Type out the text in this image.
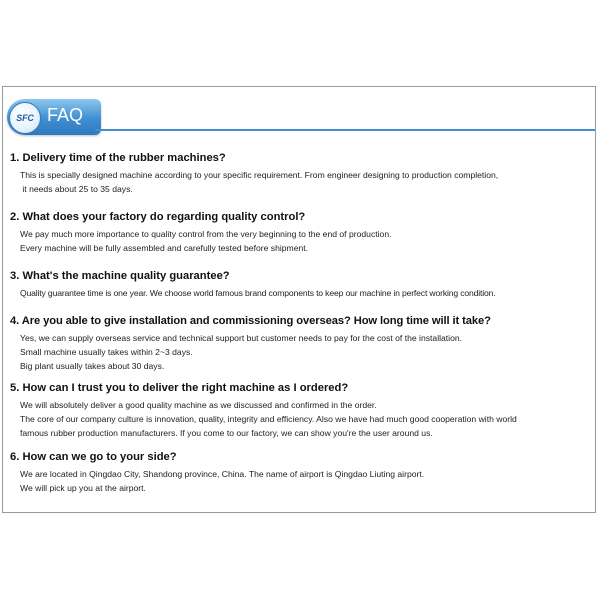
SFC FAQ

1. Delivery time of the rubber machines?

This is specially designed machine according to your specific requirement. From engineer designing to production completion,
it needs about 25 to 35 days.

2. What does your factory do regarding quality control?

We pay much more importance to quality control from the very beginning to the end of production.
Every machine will be fully assembled and carefully tested before shipment.

3. What's the machine quality guarantee?

Quality guarantee time is one year. We choose world famous brand components to keep our machine in perfect working condition.

4. Are you able to give installation and commissioning overseas? How long time will it take?

Yes, we can supply overseas service and technical support but customer needs to pay for the cost of the installation.
Small machine usually takes within 2~3 days.
Big plant usually takes about 30 days.

5. How can I trust you to deliver the right machine as I ordered?

We will absolutely deliver a good quality machine as we discussed and confirmed in the order.
The core of our company culture is innovation, quality, integrity and efficiency. Also we have had much good cooperation with world
famous rubber production manufacturers. If you come to our factory, we can show you're the user around us.

6. How can we go to your side?

We are located in Qingdao City, Shandong province, China. The name of airport is Qingdao Liuting airport.
We will pick up you at the airport.
